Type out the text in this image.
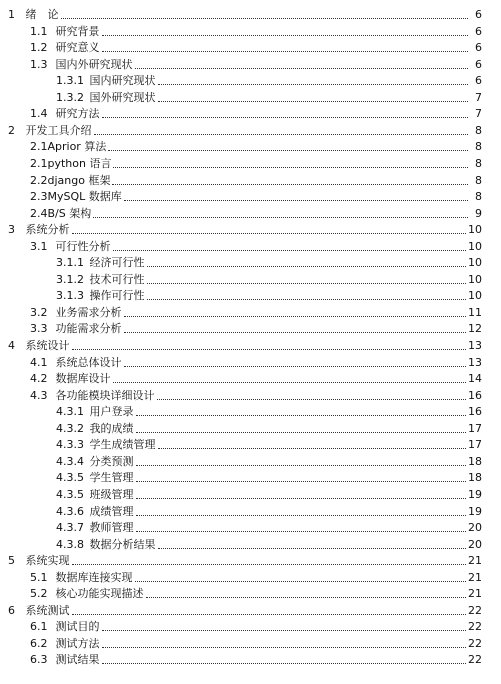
1 绪　论	6
1.1 研究背景	6
1.2 研究意义	6
1.3 国内外研究现状	6
1.3.1 国内研究现状	6
1.3.2 国外研究现状	7
1.4 研究方法	7
2 开发工具介绍	8
2.1Aprior 算法	8
2.1python 语言	8
2.2django 框架	8
2.3MySQL 数据库	8
2.4B/S 架构	9
3 系统分析	10
3.1 可行性分析	10
3.1.1 经济可行性	10
3.1.2 技术可行性	10
3.1.3 操作可行性	10
3.2 业务需求分析	11
3.3 功能需求分析	12
4 系统设计	13
4.1 系统总体设计	13
4.2 数据库设计	14
4.3 各功能模块详细设计	16
4.3.1 用户登录	16
4.3.2 我的成绩	17
4.3.3 学生成绩管理	17
4.3.4 分类预测	18
4.3.5 学生管理	18
4.3.5 班级管理	19
4.3.6 成绩管理	19
4.3.7 教师管理	20
4.3.8 数据分析结果	20
5 系统实现	21
5.1 数据库连接实现	21
5.2 核心功能实现描述	21
6 系统测试	22
6.1 测试目的	22
6.2 测试方法	22
6.3 测试结果	22
